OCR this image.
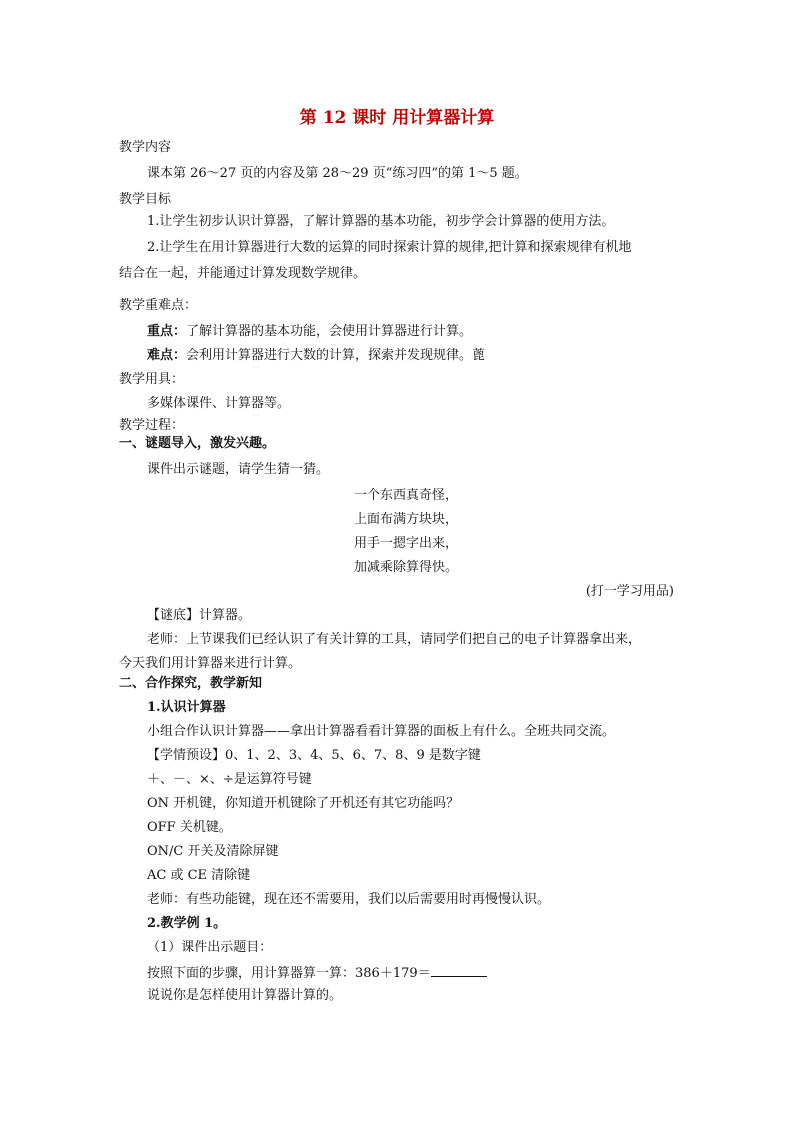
第 12 课时 用计算器计算
教学内容
课本第 26～27 页的内容及第 28～29 页“练习四”的第 1～5 题。
教学目标
1.让学生初步认识计算器，了解计算器的基本功能，初步学会计算器的使用方法。
2.让学生在用计算器进行大数的运算的同时探索计算的规律,把计算和探索规律有机地
结合在一起，并能通过计算发现数学规律。
教学重难点：
重点：了解计算器的基本功能，会使用计算器进行计算。
难点：会利用计算器进行大数的计算，探索并发现规律。蓖
教学用具：
多媒体课件、计算器等。
教学过程：
一、谜题导入，激发兴趣。
课件出示谜题，请学生猜一猜。
一个东西真奇怪，
上面布满方块块，
用手一摁字出来，
加减乘除算得快。
(打一学习用品)
【谜底】计算器。
老师：上节课我们已经认识了有关计算的工具，请同学们把自己的电子计算器拿出来，
今天我们用计算器来进行计算。
二、合作探究，教学新知
1.认识计算器
小组合作认识计算器——拿出计算器看看计算器的面板上有什么。全班共同交流。
【学情预设】0、1、2、3、4、5、6、7、8、9 是数字键
＋、－、×、÷是运算符号键
ON 开机键，你知道开机键除了开机还有其它功能吗？
OFF 关机键。
ON/C 开关及清除屏键
AC 或 CE 清除键
老师：有些功能键，现在还不需要用，我们以后需要用时再慢慢认识。
2.教学例 1。
（1）课件出示题目：
按照下面的步骤，用计算器算一算：386＋179＝
说说你是怎样使用计算器计算的。
